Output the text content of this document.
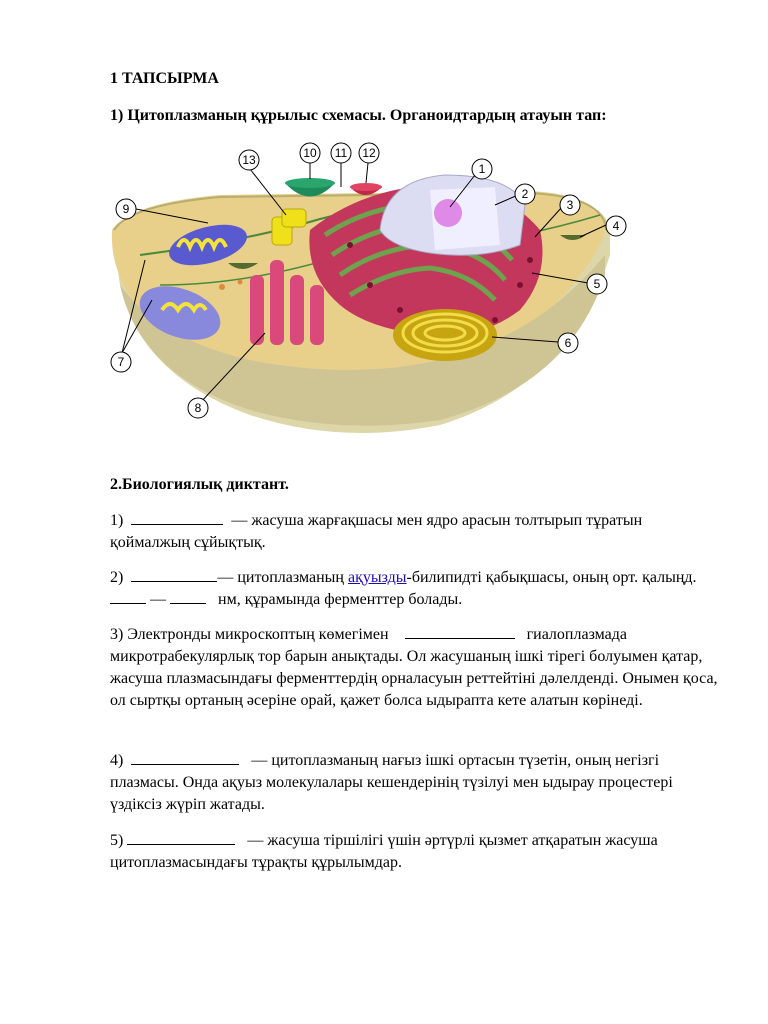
1 ТАПСЫРМА
1) Цитоплазманың құрылыс схемасы. Органоидтардың атауын тап:
1
2
3
4
5
6
7
8
9
10 11 12
13
2.Биологиялық диктант.
1)	— жасуша жарғақшасы мен ядро арасын толтырып тұратын қоймалжың сұйықтық.
2)	— цитоплазманың ақуызды-билипидті қабықшасы, оның орт. қалыңд.  —	нм, құрамында ферменттер болады.
3) Электронды микроскоптың көмегімен	гиалоплазмада микротрабекулярлық тор барын анықтады. Ол жасушаның ішкі тірегі болуымен қатар, жасуша плазмасындағы ферменттердің орналасуын реттейтіні дәлелденді. Онымен қоса, ол сыртқы ортаның әсеріне орай, қажет болса ыдырапта кете алатын көрінеді.
4)	— цитоплазманың нағыз ішкі ортасын түзетін, оның негізгі плазмасы. Онда ақуыз молекулалары кешендерінің түзілуі мен ыдырау процестері үздіксіз жүріп жатады.
5)	— жасуша тіршілігі үшін әртүрлі қызмет атқаратын жасуша цитоплазмасындағы тұрақты құрылымдар.
